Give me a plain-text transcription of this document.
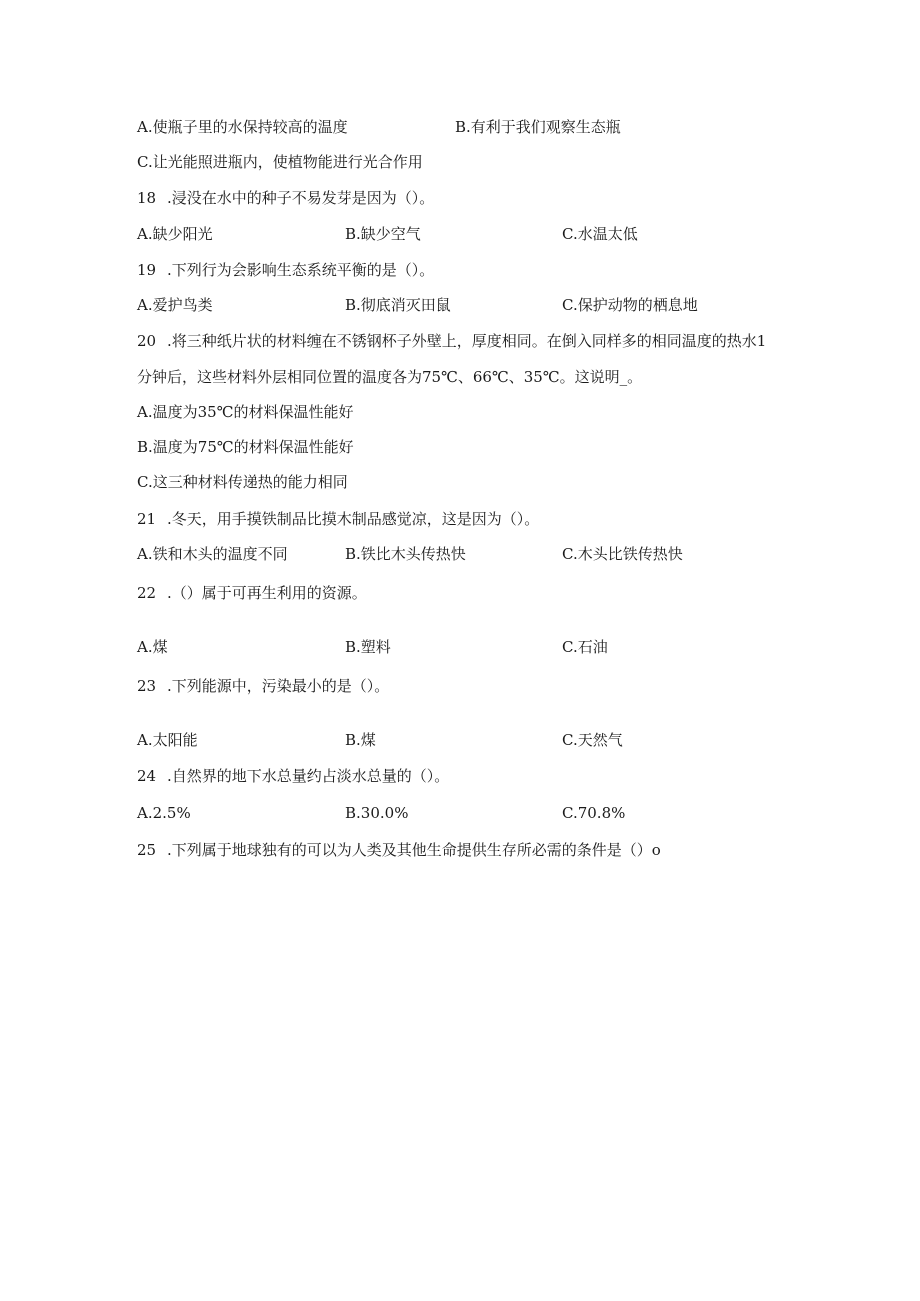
A.使瓶子里的水保持较高的温度	B.有利于我们观察生态瓶
C.让光能照进瓶内，使植物能进行光合作用
18 .浸没在水中的种子不易发芽是因为（）。
A.缺少阳光	B.缺少空气	C.水温太低
19 .下列行为会影响生态系统平衡的是（）。
A.爱护鸟类	B.彻底消灭田鼠	C.保护动物的栖息地
20 .将三种纸片状的材料缠在不锈钢杯子外壁上，厚度相同。在倒入同样多的相同温度的热水1
分钟后，这些材料外层相同位置的温度各为75℃、66℃、35℃。这说明_。
A.温度为35℃的材料保温性能好
B.温度为75℃的材料保温性能好
C.这三种材料传递热的能力相同
21 .冬天，用手摸铁制品比摸木制品感觉凉，这是因为（）。
A.铁和木头的温度不同	B.铁比木头传热快	C.木头比铁传热快
22 .（）属于可再生利用的资源。
A.煤	B.塑料	C.石油
23 .下列能源中，污染最小的是（）。
A.太阳能	B.煤	C.天然气
24 .自然界的地下水总量约占淡水总量的（）。
A.2.5%	B.30.0%	C.70.8%
25 .下列属于地球独有的可以为人类及其他生命提供生存所必需的条件是（）o
